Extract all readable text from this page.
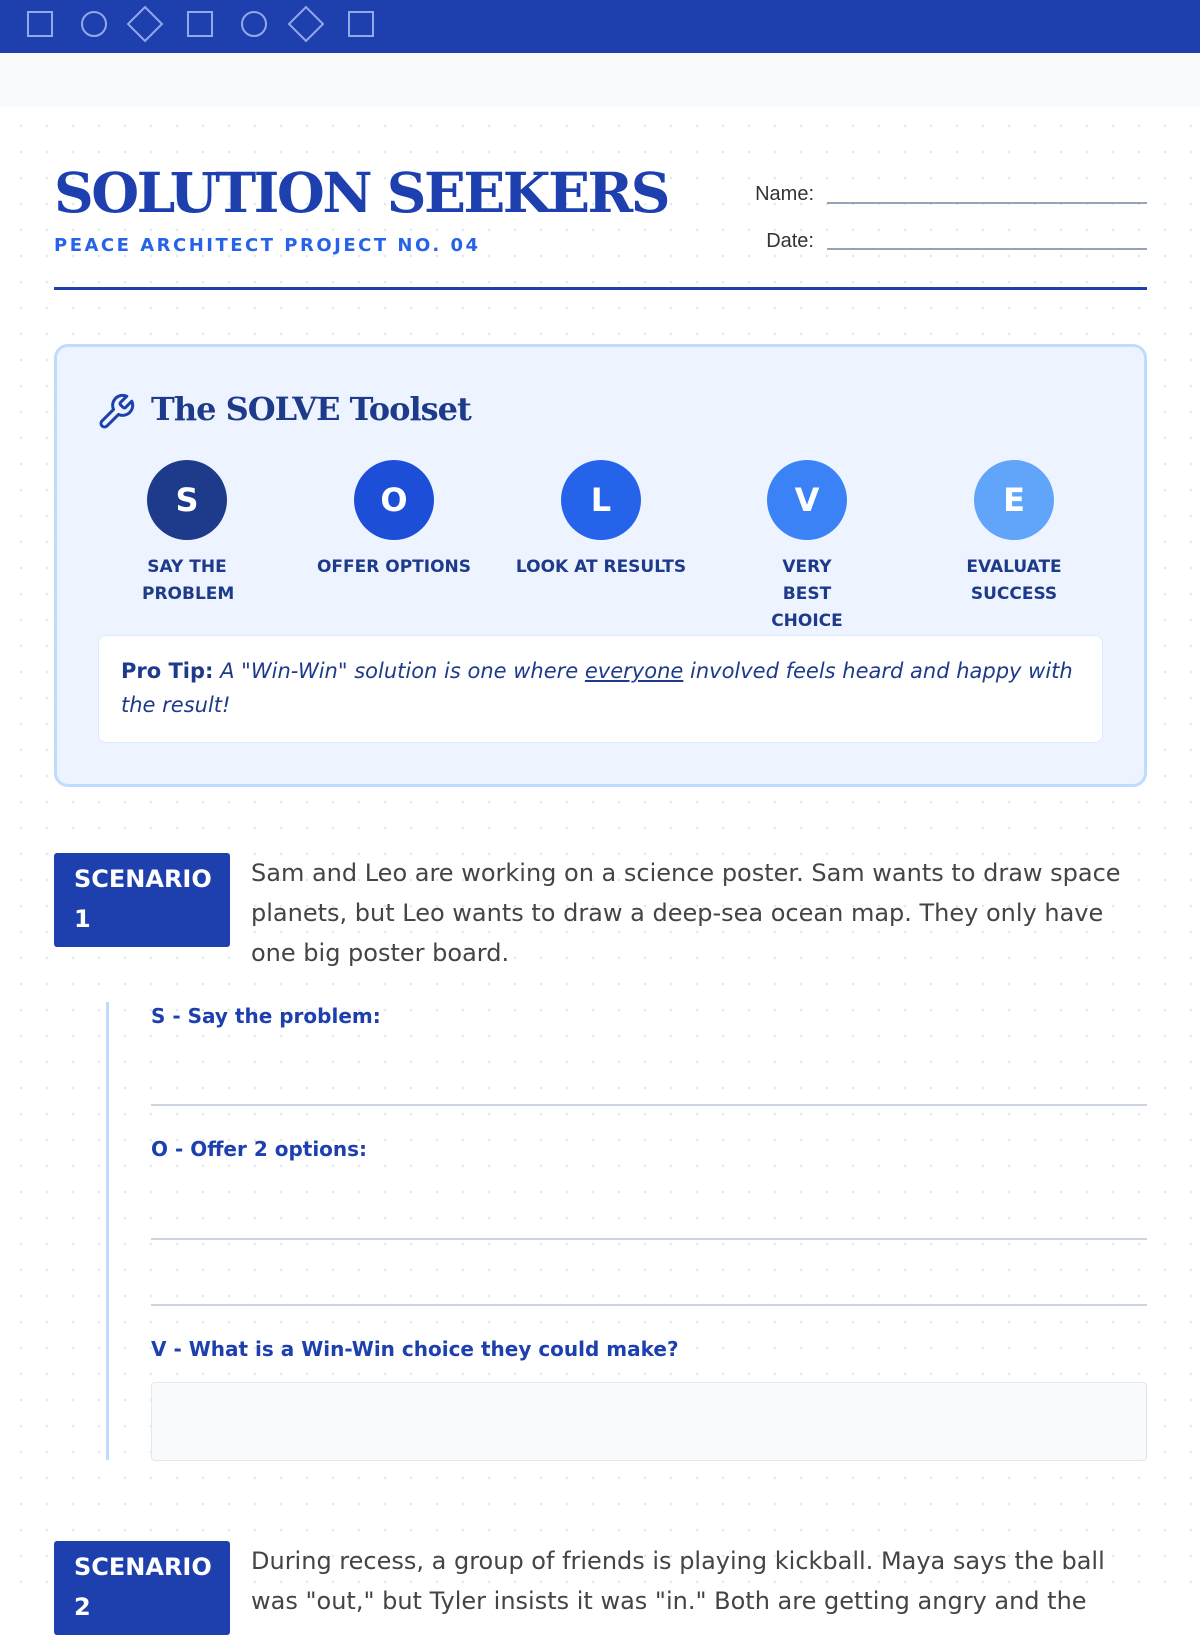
SOLUTION SEEKERS
PEACE ARCHITECT PROJECT NO. 04
Name:
Date:
The SOLVE Toolset
S	O	L	V	E
SAY THE PROBLEM
OFFER OPTIONS	LOOK AT RESULTS	VERY BEST CHOICE
EVALUATE SUCCESS
Pro Tip: A "Win-Win" solution is one where everyone involved feels heard and happy with the result!
SCENARIO 1
Sam and Leo are working on a science poster. Sam wants to draw space planets, but Leo wants to draw a deep-sea ocean map. They only have one big poster board.
S - Say the problem:
O - Offer 2 options:
V - What is a Win-Win choice they could make?
SCENARIO 2
During recess, a group of friends is playing kickball. Maya says the ball was "out," but Tyler insists it was "in." Both are getting angry and the
